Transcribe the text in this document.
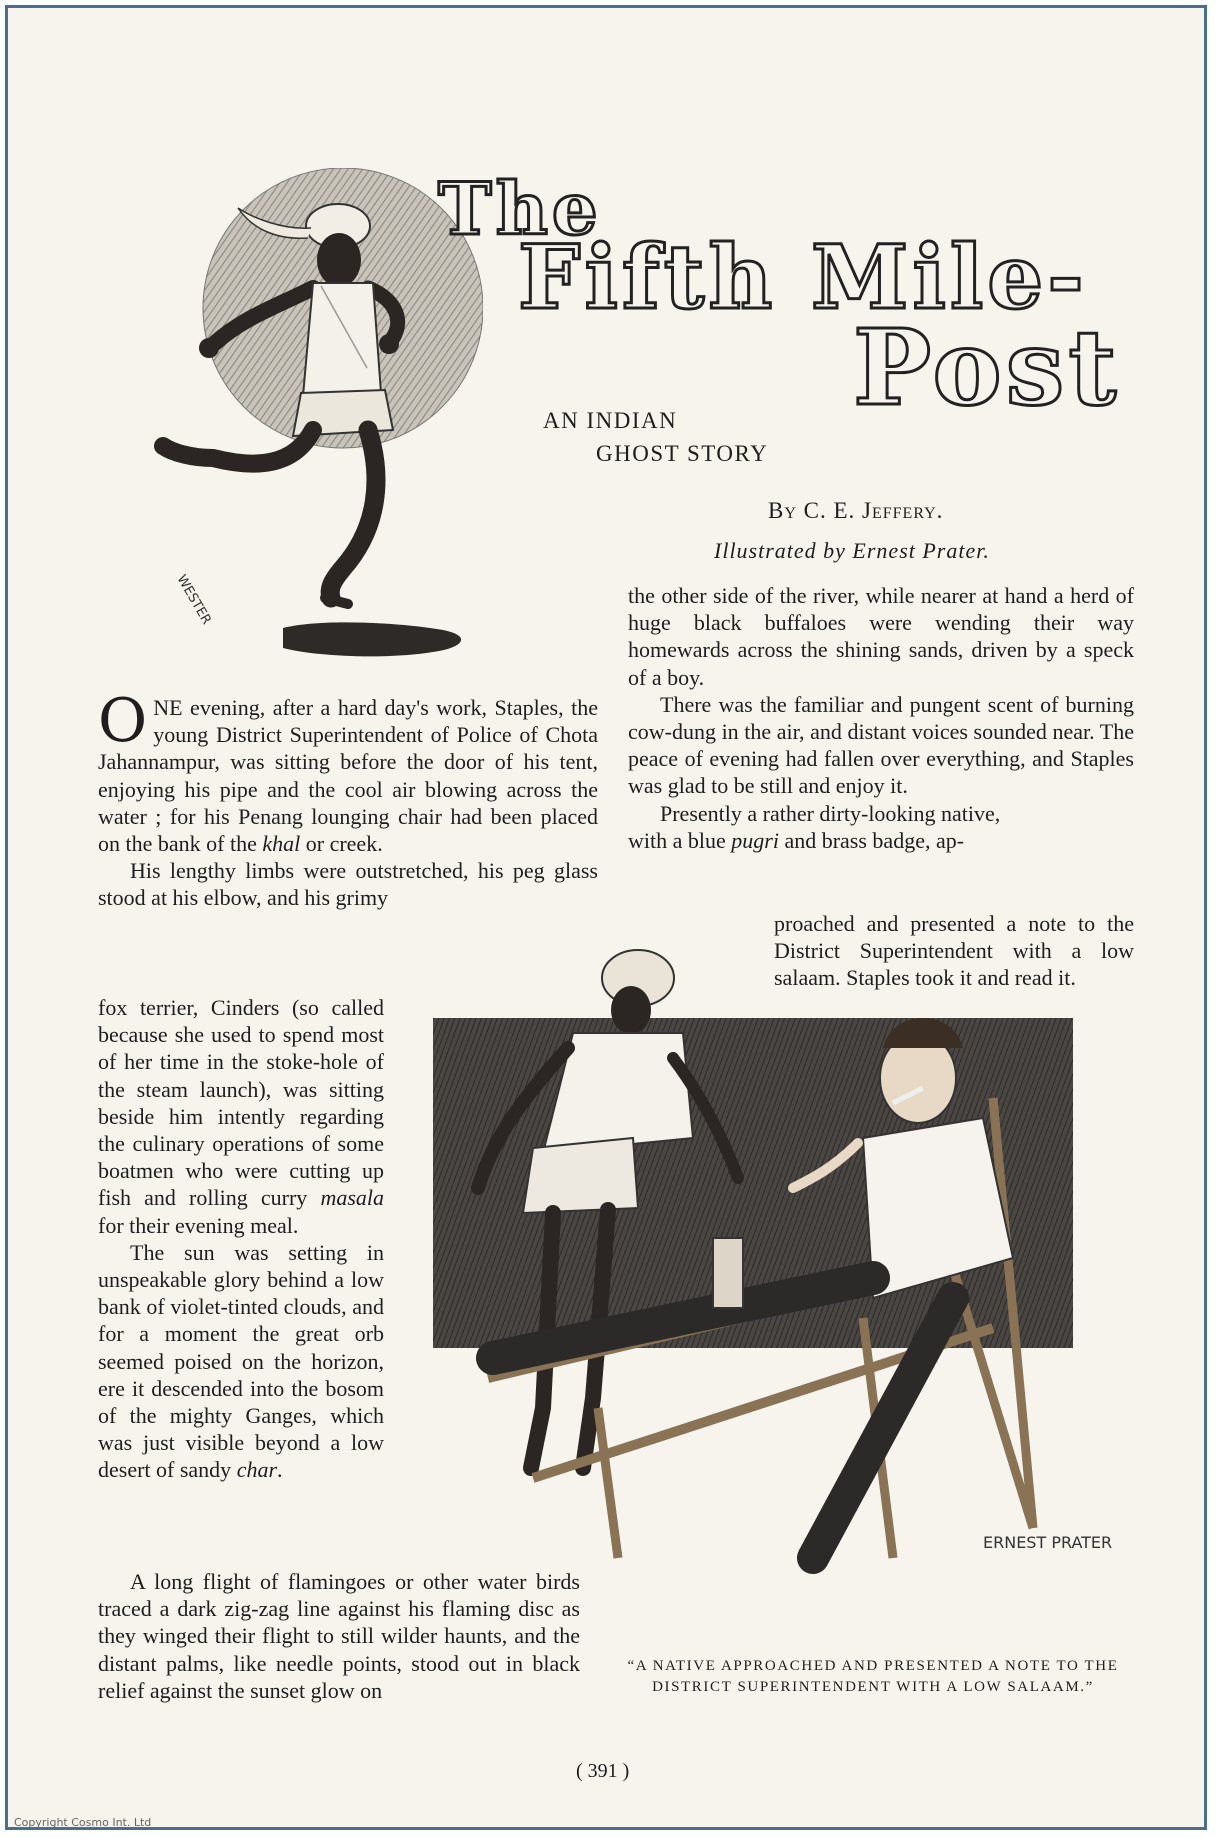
WESTER
The
Fifth Mile-
Post
AN INDIAN
GHOST STORY
By C. E. Jeffery.
Illustrated by Ernest Prater.

ONE evening, after a hard day's work, Staples, the young District Superintendent of Police of Chota Jahannampur, was sitting before the door of his tent, enjoying his pipe and the cool air blowing across the water ; for his Penang lounging chair had been placed on the bank of the khal or creek.

His lengthy limbs were outstretched, his peg glass stood at his elbow, and his grimy

fox terrier, Cinders (so called because she used to spend most of her time in the stoke-hole of the steam launch), was sitting beside him intently regarding the culinary operations of some boatmen who were cutting up fish and rolling curry masala for their evening meal.

The sun was setting in unspeakable glory behind a low bank of violet-tinted clouds, and for a moment the great orb seemed poised on the horizon, ere it descended into the bosom of the mighty Ganges, which was just visible beyond a low desert of sandy char.

A long flight of flamingoes or other water birds traced a dark zig-zag line against his flaming disc as they winged their flight to still wilder haunts, and the distant palms, like needle points, stood out in black relief against the sunset glow on

the other side of the river, while nearer at hand a herd of huge black buffaloes were wending their way homewards across the shining sands, driven by a speck of a boy.

There was the familiar and pungent scent of burning cow-dung in the air, and distant voices sounded near. The peace of evening had fallen over everything, and Staples was glad to be still and enjoy it.

Presently a rather dirty-looking native,

with a blue pugri and brass badge, ap-

proached and presented a note to the District Superintendent with a low salaam. Staples took it and read it.

ERNEST PRATER
“A NATIVE APPROACHED AND PRESENTED A NOTE TO THE
DISTRICT SUPERINTENDENT WITH A LOW SALAAM.”
( 391 )
Copyright Cosmo Int. Ltd
